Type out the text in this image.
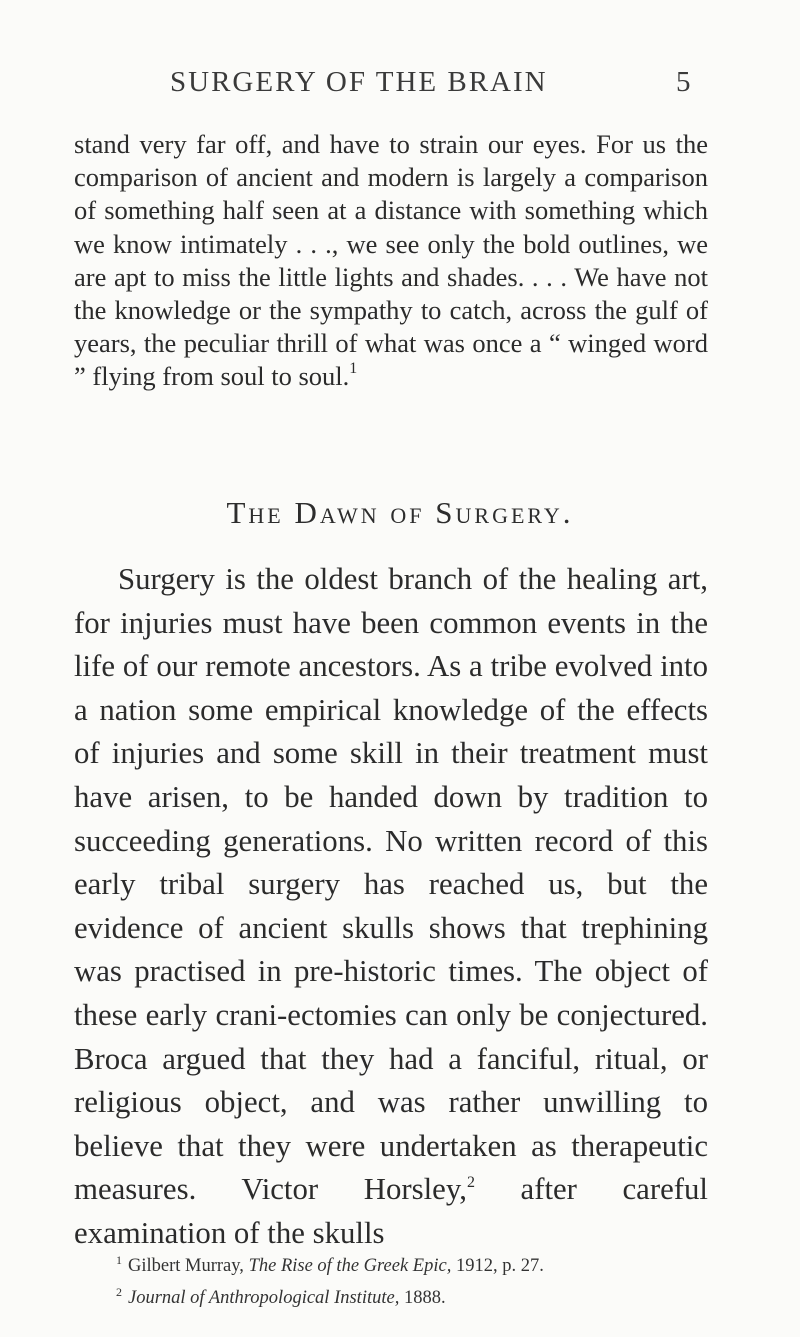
SURGERY OF THE BRAIN	5

stand very far off, and have to strain our eyes. For us the comparison of ancient and modern is largely a comparison of something half seen at a distance with something which we know intimately . . ., we see only the bold outlines, we are apt to miss the little lights and shades. . . . We have not the knowledge or the sympathy to catch, across the gulf of years, the peculiar thrill of what was once a “ winged word ” flying from soul to soul.$^1$

The Dawn of Surgery.

Surgery is the oldest branch of the healing art, for injuries must have been common events in the life of our remote ancestors. As a tribe evolved into a nation some empirical knowledge of the effects of injuries and some skill in their treatment must have arisen, to be handed down by tradition to succeeding generations. No written record of this early tribal surgery has reached us, but the evidence of ancient skulls shows that trephining was practised in pre-historic times. The object of these early crani-ectomies can only be conjectured. Broca argued that they had a fanciful, ritual, or religious object, and was rather unwilling to believe that they were undertaken as therapeutic measures. Victor Horsley,$^2$ after careful examination of the skulls

$^1$ Gilbert Murray, The Rise of the Greek Epic, 1912, p. 27.
$^2$ Journal of Anthropological Institute, 1888.
